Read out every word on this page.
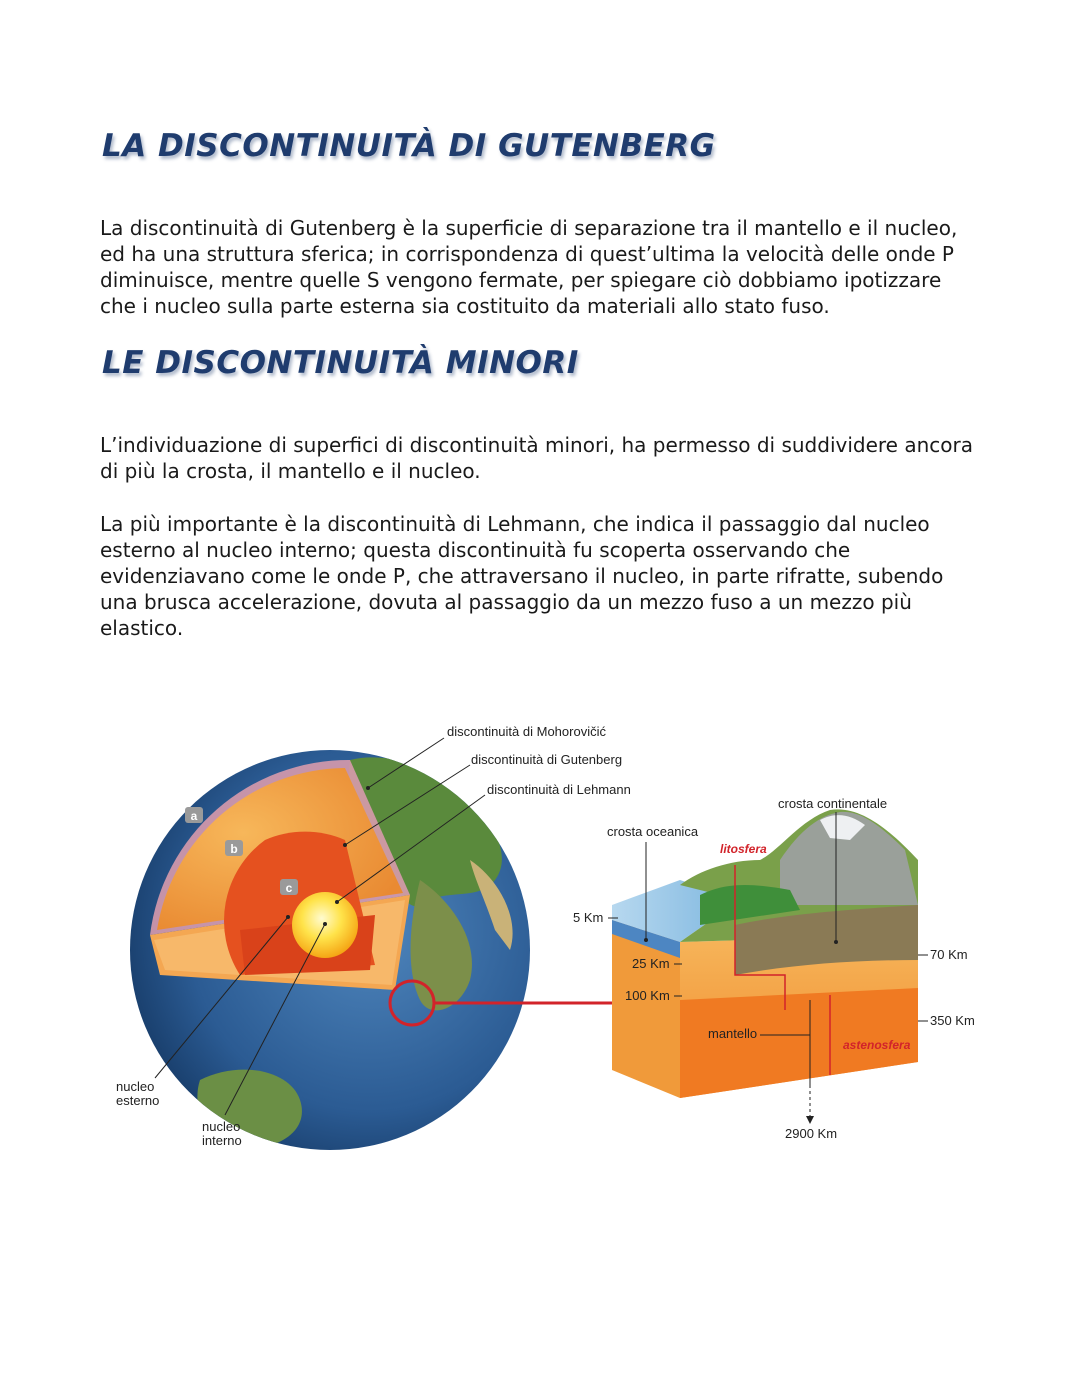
LA DISCONTINUITÀ DI GUTENBERG

La discontinuità di Gutenberg è la superficie di separazione tra il mantello e il nucleo, ed ha una struttura sferica; in corrispondenza di quest’ultima la velocità delle onde P diminuisce, mentre quelle S vengono fermate, per spiegare ciò dobbiamo ipotizzare che i nucleo sulla parte esterna sia costituito da materiali allo stato fuso.

LE DISCONTINUITÀ MINORI

L’individuazione di superfici di discontinuità minori, ha permesso di suddividere ancora di più la crosta, il mantello e il nucleo.

La più importante è la discontinuità di Lehmann, che indica il passaggio dal nucleo esterno al nucleo interno; questa discontinuità fu scoperta osservando che evidenziavano come le onde P, che attraversano il nucleo, in parte rifratte, subendo una brusca accelerazione, dovuta al passaggio da un mezzo fuso a un mezzo più elastico.

a
b
c
discontinuità di Mohorovičić
discontinuità di Gutenberg
discontinuità di Lehmann
nucleo
esterno
nucleo
interno
crosta continentale
crosta oceanica
litosfera
astenosfera
mantello
5 Km
25 Km
100 Km
70 Km
350 Km
2900 Km
